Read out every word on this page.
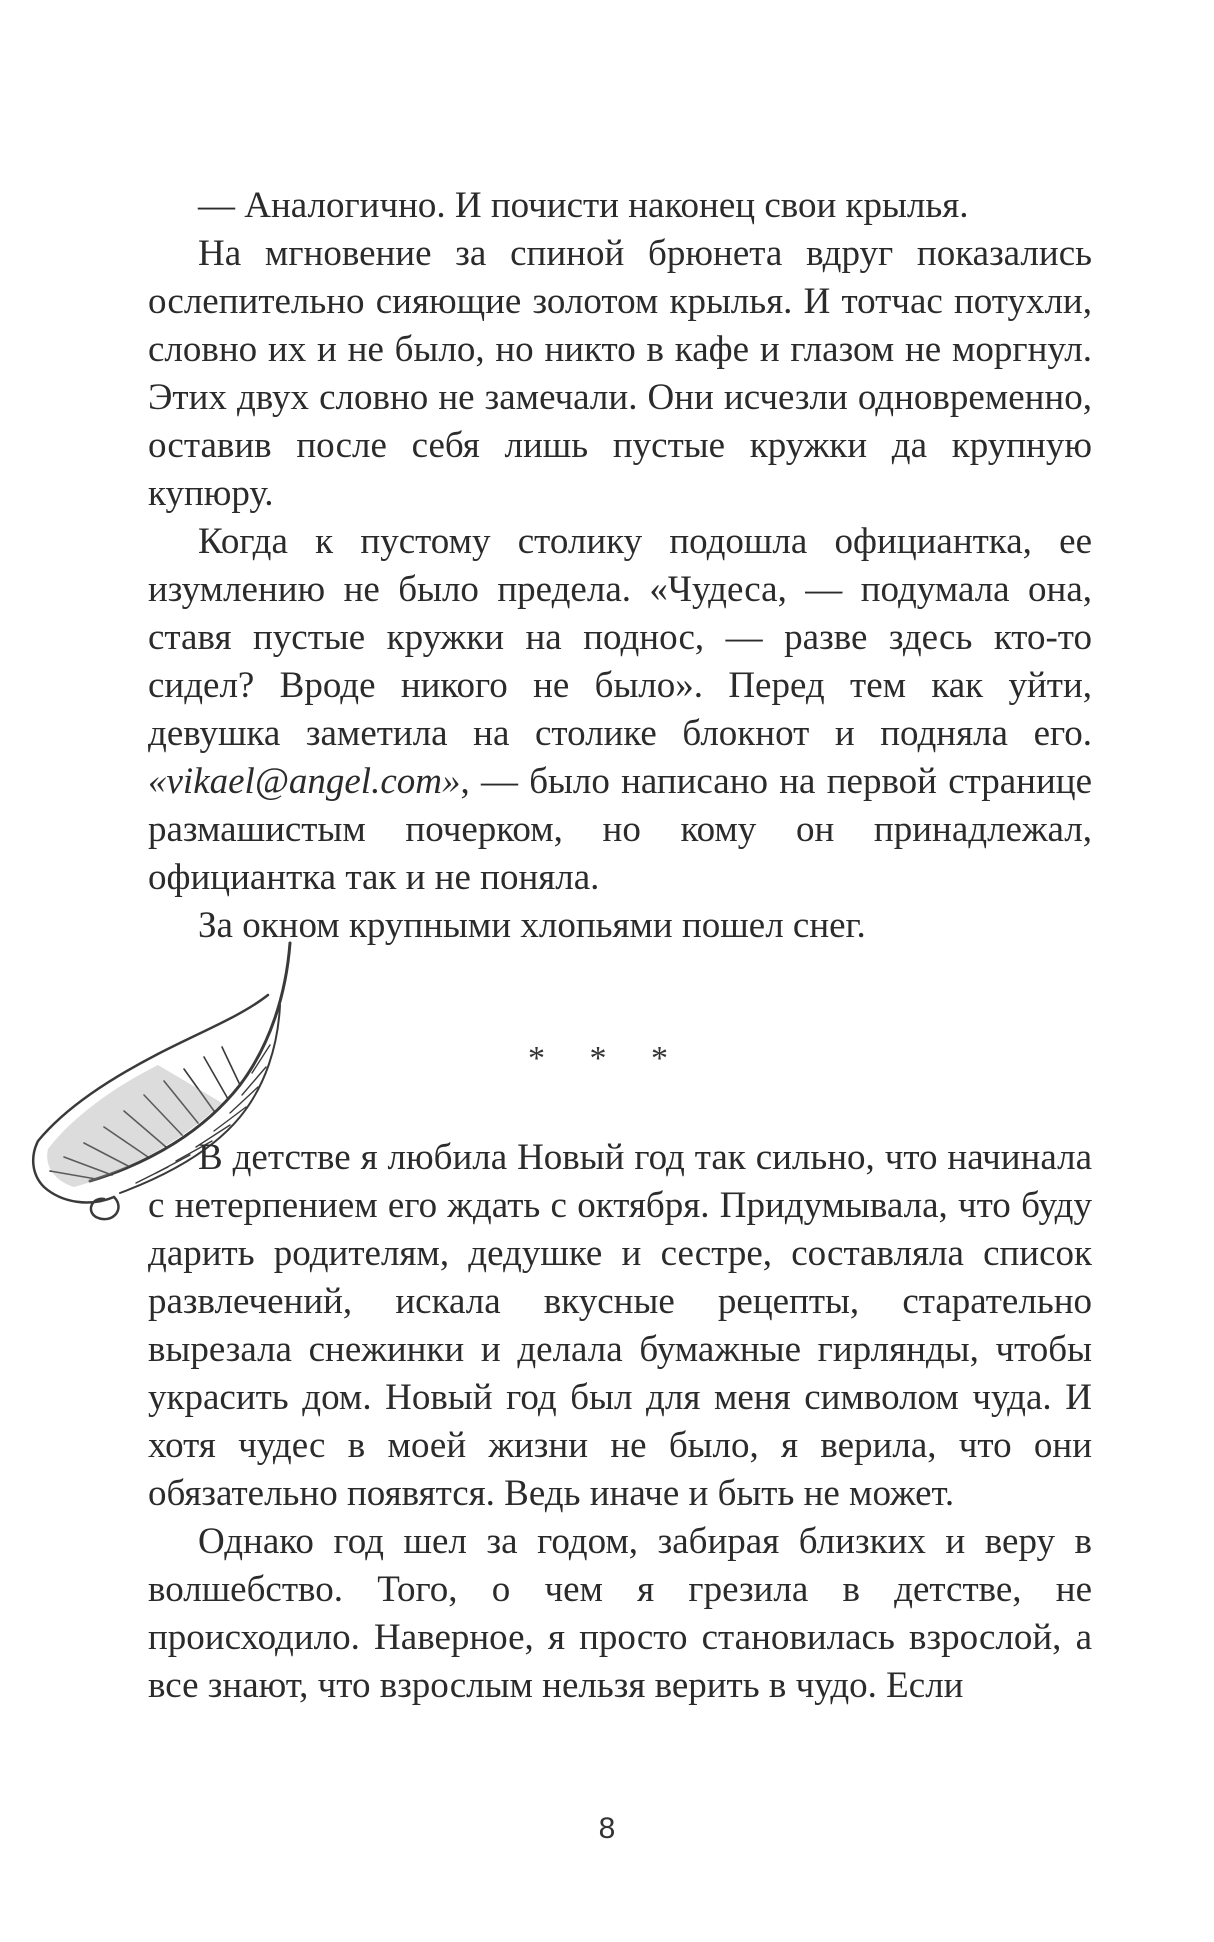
— Аналогично. И почисти наконец свои крылья.

На мгновение за спиной брюнета вдруг показались ослепительно сияющие золотом крылья. И тотчас потухли, словно их и не было, но никто в кафе и глазом не моргнул. Этих двух словно не замечали. Они исчезли одновременно, оставив после себя лишь пустые кружки да крупную купюру.

Когда к пустому столику подошла официантка, ее изумлению не было предела. «Чудеса, — подумала она, ставя пустые кружки на поднос, — разве здесь кто-то сидел? Вроде никого не было». Перед тем как уйти, девушка заметила на столике блокнот и подняла его. «vikael@angel.com», — было написано на первой странице размашистым почерком, но кому он принадлежал, официантка так и не поняла.

За окном крупными хлопьями пошел снег.

* * *

В детстве я любила Новый год так сильно, что начинала с нетерпением его ждать с октября. Придумывала, что буду дарить родителям, дедушке и сестре, составляла список развлечений, искала вкусные рецепты, старательно вырезала снежинки и делала бумажные гирлянды, чтобы украсить дом. Новый год был для меня символом чуда. И хотя чудес в моей жизни не было, я верила, что они обязательно появятся. Ведь иначе и быть не может.

Однако год шел за годом, забирая близких и веру в волшебство. Того, о чем я грезила в детстве, не происходило. Наверное, я просто становилась взрослой, а все знают, что взрослым нельзя верить в чудо. Если

8
